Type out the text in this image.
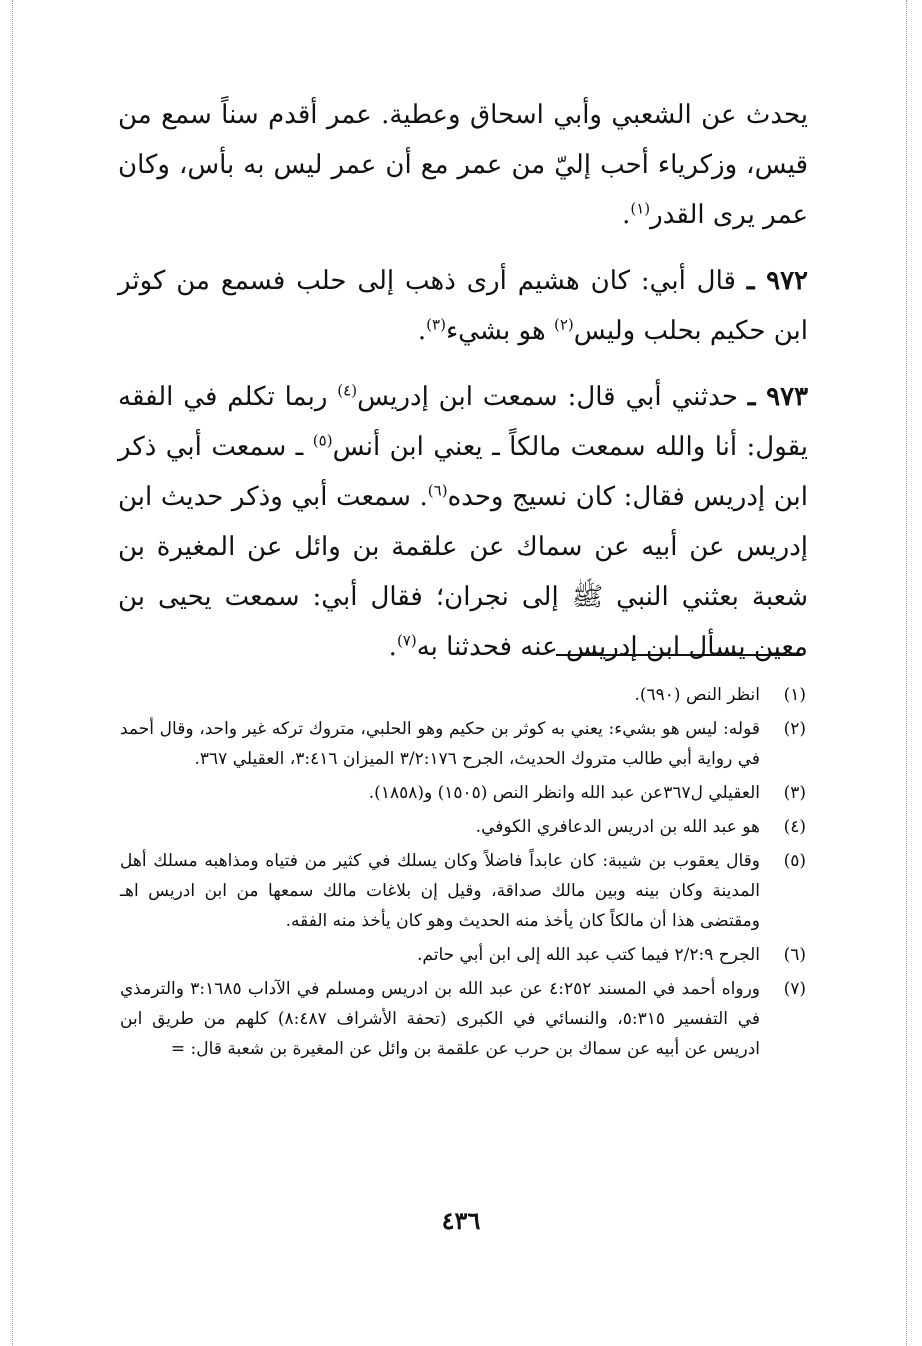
يحدث عن الشعبي وأبي اسحاق وعطية. عمر أقدم سناً سمع من قيس، وزكرياء أحب إليّ من عمر مع أن عمر ليس به بأس، وكان عمر يرى القدر$^{(١)}$.

٩٧٢ ـ قال أبي: كان هشيم أرى ذهب إلى حلب فسمع من كوثر ابن حكيم بحلب وليس$^{(٢)}$ هو بشيء$^{(٣)}$.

٩٧٣ ـ حدثني أبي قال: سمعت ابن إدريس$^{(٤)}$ ربما تكلم في الفقه يقول: أنا والله سمعت مالكاً ـ يعني ابن أنس$^{(٥)}$ ـ سمعت أبي ذكر ابن إدريس فقال: كان نسيج وحده$^{(٦)}$. سمعت أبي وذكر حديث ابن إدريس عن أبيه عن سماك عن علقمة بن وائل عن المغيرة بن شعبة بعثني النبي ﷺ إلى نجران؛ فقال أبي: سمعت يحيى بن معين يسأل ابن إدريس عنه فحدثنا به$^{(٧)}$.

(١)
انظر النص (٦٩٠).
(٢)
قوله: ليس هو بشيء: يعني به كوثر بن حكيم وهو الحلبي، متروك تركه غير واحد، وقال أحمد في رواية أبي طالب متروك الحديث، الجرح ٣/٢:١٧٦ الميزان ٣:٤١٦، العقيلي ٣٦٧.
(٣)
العقيلي ل٣٦٧عن عبد الله وانظر النص (١٥٠٥) و(١٨٥٨).
(٤)
هو عبد الله بن ادريس الدعافري الكوفي.
(٥)
وقال يعقوب بن شيبة: كان عابداً فاضلاً وكان يسلك في كثير من فتياه ومذاهبه مسلك أهل المدينة وكان بينه وبين مالك صداقة، وقيل إن بلاغات مالك سمعها من ابن ادريس اهـ ومقتضى هذا أن مالكاً كان يأخذ منه الحديث وهو كان يأخذ منه الفقه.
(٦)
الجرح ٢/٢:٩ فيما كتب عبد الله إلى ابن أبي حاتم.
(٧)
ورواه أحمد في المسند ٤:٢٥٢ عن عبد الله بن ادريس ومسلم في الآداب ٣:١٦٨٥ والترمذي في التفسير ٥:٣١٥، والنسائي في الكبرى (تحفة الأشراف ٨:٤٨٧) كلهم من طريق ابن ادريس عن أبيه عن سماك بن حرب عن علقمة بن وائل عن المغيرة بن شعبة قال: =
٤٣٦
